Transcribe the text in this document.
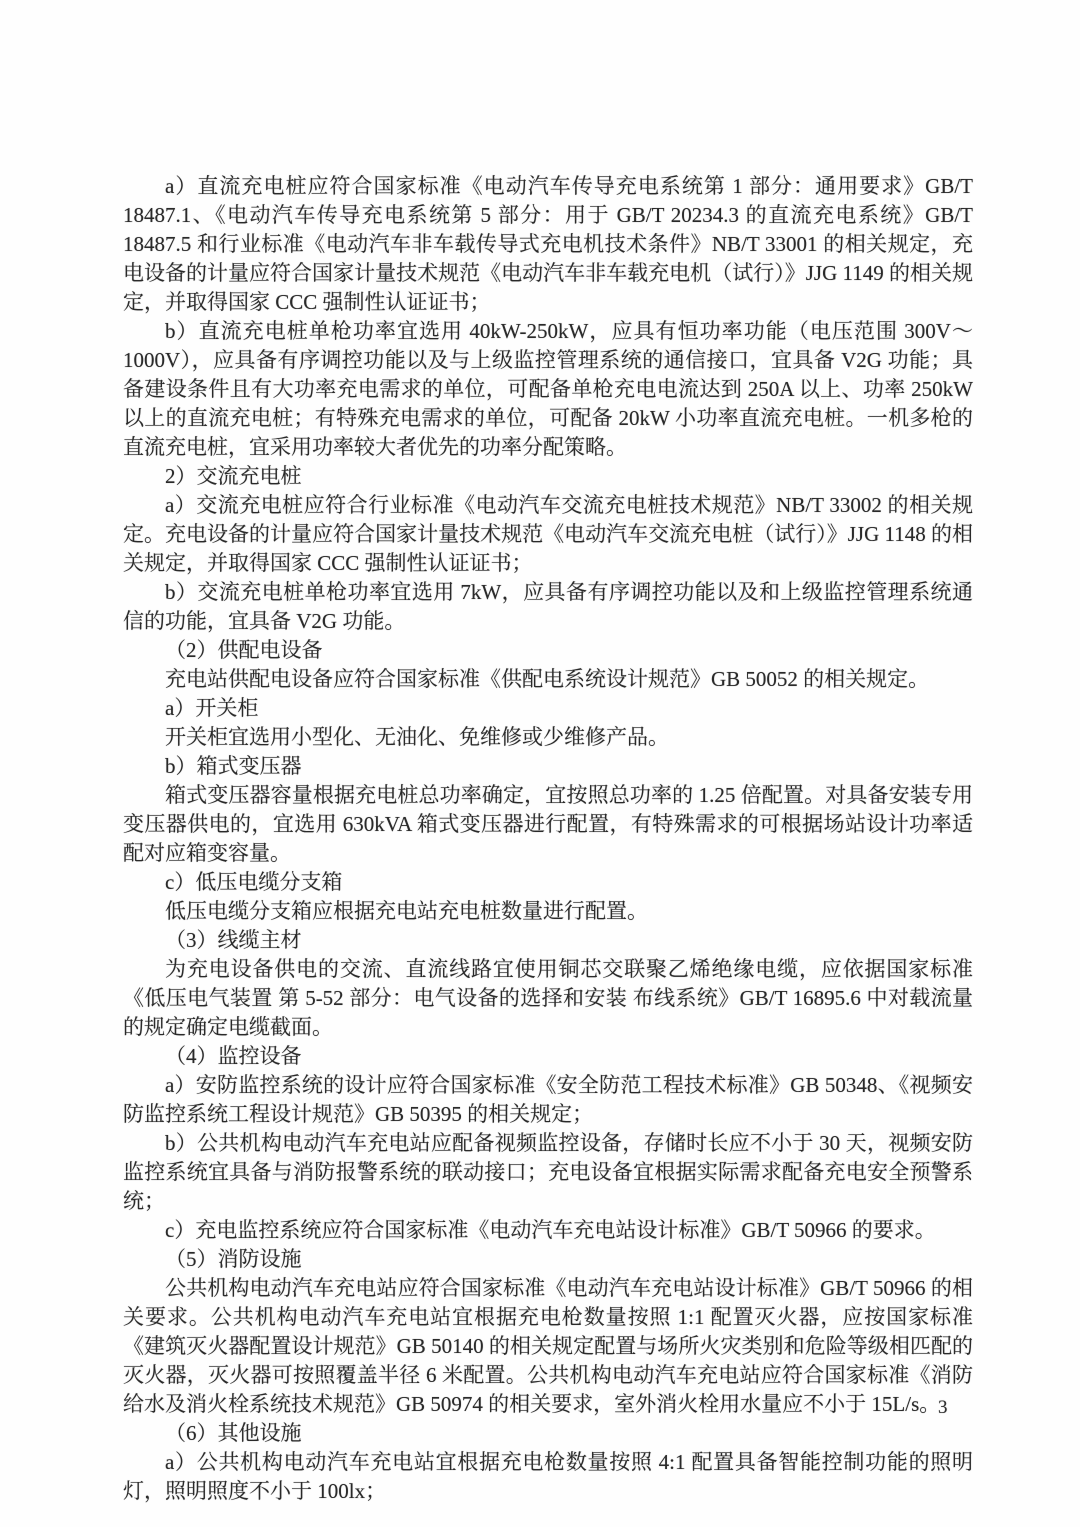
a）直流充电桩应符合国家标准《电动汽车传导充电系统第 1 部分：通用要求》GB/T 18487.1、《电动汽车传导充电系统第 5 部分：用于 GB/T 20234.3 的直流充电系统》GB/T 18487.5 和行业标准《电动汽车非车载传导式充电机技术条件》NB/T 33001 的相关规定，充电设备的计量应符合国家计量技术规范《电动汽车非车载充电机（试行）》JJG 1149 的相关规定，并取得国家 CCC 强制性认证证书；

b）直流充电桩单枪功率宜选用 40kW-250kW，应具有恒功率功能（电压范围 300V～1000V），应具备有序调控功能以及与上级监控管理系统的通信接口，宜具备 V2G 功能；具备建设条件且有大功率充电需求的单位，可配备单枪充电电流达到 250A 以上、功率 250kW 以上的直流充电桩；有特殊充电需求的单位，可配备 20kW 小功率直流充电桩。一机多枪的直流充电桩，宜采用功率较大者优先的功率分配策略。

2）交流充电桩

a）交流充电桩应符合行业标准《电动汽车交流充电桩技术规范》NB/T 33002 的相关规定。充电设备的计量应符合国家计量技术规范《电动汽车交流充电桩（试行）》JJG 1148 的相关规定，并取得国家 CCC 强制性认证证书；

b）交流充电桩单枪功率宜选用 7kW，应具备有序调控功能以及和上级监控管理系统通信的功能，宜具备 V2G 功能。

（2）供配电设备

充电站供配电设备应符合国家标准《供配电系统设计规范》GB 50052 的相关规定。

a）开关柜

开关柜宜选用小型化、无油化、免维修或少维修产品。

b）箱式变压器

箱式变压器容量根据充电桩总功率确定，宜按照总功率的 1.25 倍配置。对具备安装专用变压器供电的，宜选用 630kVA 箱式变压器进行配置，有特殊需求的可根据场站设计功率适配对应箱变容量。

c）低压电缆分支箱

低压电缆分支箱应根据充电站充电桩数量进行配置。

（3）线缆主材

为充电设备供电的交流、直流线路宜使用铜芯交联聚乙烯绝缘电缆，应依据国家标准《低压电气装置 第 5-52 部分：电气设备的选择和安装 布线系统》GB/T 16895.6 中对载流量的规定确定电缆截面。

（4）监控设备

a）安防监控系统的设计应符合国家标准《安全防范工程技术标准》GB 50348、《视频安防监控系统工程设计规范》GB 50395 的相关规定；

b）公共机构电动汽车充电站应配备视频监控设备，存储时长应不小于 30 天，视频安防监控系统宜具备与消防报警系统的联动接口；充电设备宜根据实际需求配备充电安全预警系统；

c）充电监控系统应符合国家标准《电动汽车充电站设计标准》GB/T 50966 的要求。

（5）消防设施

公共机构电动汽车充电站应符合国家标准《电动汽车充电站设计标准》GB/T 50966 的相关要求。公共机构电动汽车充电站宜根据充电枪数量按照 1:1 配置灭火器，应按国家标准《建筑灭火器配置设计规范》GB 50140 的相关规定配置与场所火灾类别和危险等级相匹配的灭火器，灭火器可按照覆盖半径 6 米配置。公共机构电动汽车充电站应符合国家标准《消防给水及消火栓系统技术规范》GB 50974 的相关要求，室外消火栓用水量应不小于 15L/s。

（6）其他设施

a）公共机构电动汽车充电站宜根据充电枪数量按照 4:1 配置具备智能控制功能的照明灯，照明照度不小于 100lx；

3
